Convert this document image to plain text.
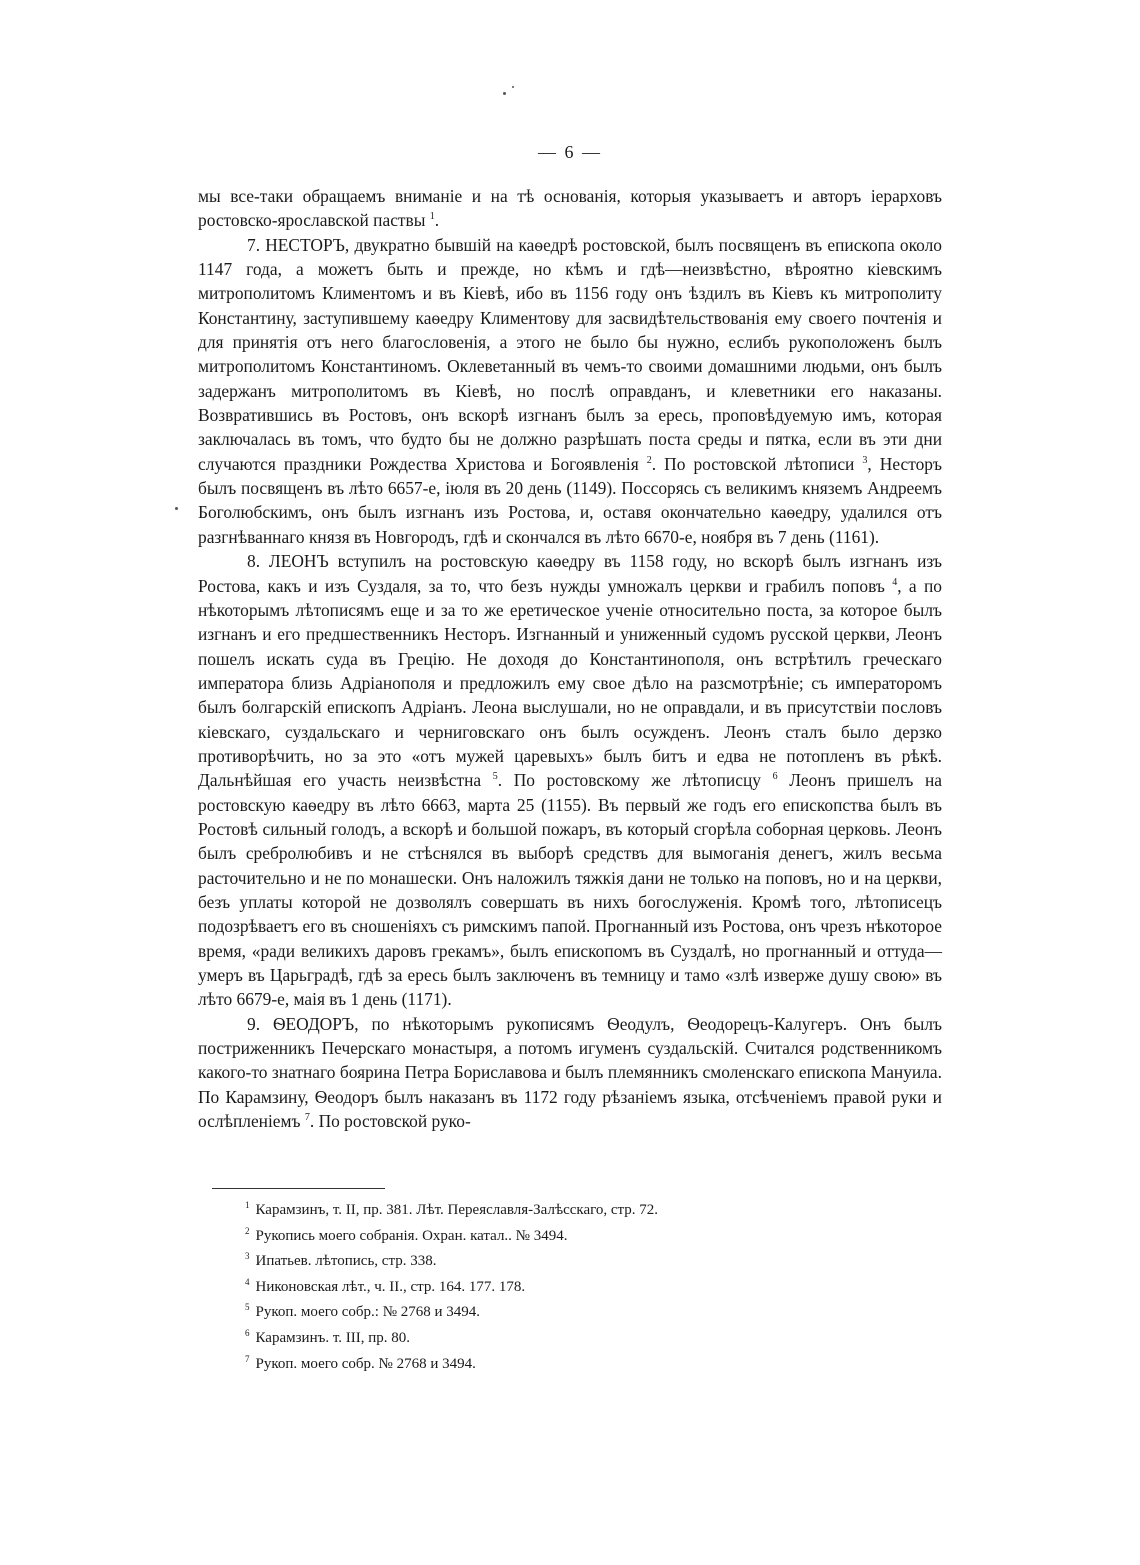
— 6 —

мы все-таки обращаемъ вниманіе и на тѣ основанія, которыя указываетъ и авторъ іерарховъ ростовско-ярославской паствы $^1$.

7. НЕСТОРЪ, двукратно бывшій на каѳедрѣ ростовской, былъ посвященъ въ епископа около 1147 года, а можетъ быть и прежде, но кѣмъ и гдѣ—неизвѣстно, вѣроятно кіевскимъ митрополитомъ Климентомъ и въ Кіевѣ, ибо въ 1156 году онъ ѣздилъ въ Кіевъ къ митрополиту Константину, заступившему каѳедру Климентову для засвидѣтельствованія ему своего почтенія и для принятія отъ него благословенія, а этого не было бы нужно, еслибъ рукоположенъ былъ митрополитомъ Константиномъ. Оклеветанный въ чемъ-то своими домашними людьми, онъ былъ задержанъ митрополитомъ въ Кіевѣ, но послѣ оправданъ, и клеветники его наказаны. Возвратившись въ Ростовъ, онъ вскорѣ изгнанъ былъ за ересь, проповѣдуемую имъ, которая заключалась въ томъ, что будто бы не должно разрѣшать поста среды и пятка, если въ эти дни случаются праздники Рождества Христова и Богоявленія $^2$. По ростовской лѣтописи $^3$, Несторъ былъ посвященъ въ лѣто 6657-е, іюля въ 20 день (1149). Поссорясь съ великимъ княземъ Андреемъ Боголюбскимъ, онъ былъ изгнанъ изъ Ростова, и, оставя окончательно каѳедру, удалился отъ разгнѣваннаго князя въ Новгородъ, гдѣ и скончался въ лѣто 6670-е, ноября въ 7 день (1161).

8. ЛЕОНЪ вступилъ на ростовскую каѳедру въ 1158 году, но вскорѣ былъ изгнанъ изъ Ростова, какъ и изъ Суздаля, за то, что безъ нужды умножалъ церкви и грабилъ поповъ $^4$, а по нѣкоторымъ лѣтописямъ еще и за то же еретическое ученіе относительно поста, за которое былъ изгнанъ и его предшественникъ Несторъ. Изгнанный и униженный судомъ русской церкви, Леонъ пошелъ искать суда въ Грецію. Не доходя до Константинополя, онъ встрѣтилъ греческаго императора близь Адріанополя и предложилъ ему свое дѣло на разсмотрѣніе; съ императоромъ былъ болгарскій епископъ Адріанъ. Леона выслушали, но не оправдали, и въ присутствіи пословъ кіевскаго, суздальскаго и черниговскаго онъ былъ осужденъ. Леонъ сталъ было дерзко противорѣчить, но за это «отъ мужей царевыхъ» былъ битъ и едва не потопленъ въ рѣкѣ. Дальнѣйшая его участь неизвѣстна $^5$. По ростовскому же лѣтописцу $^6$ Леонъ пришелъ на ростовскую каѳедру въ лѣто 6663, марта 25 (1155). Въ первый же годъ его епископства былъ въ Ростовѣ сильный голодъ, а вскорѣ и большой пожаръ, въ который сгорѣла соборная церковь. Леонъ былъ сребролюбивъ и не стѣснялся въ выборѣ средствъ для вымоганія денегъ, жилъ весьма расточительно и не по монашески. Онъ наложилъ тяжкія дани не только на поповъ, но и на церкви, безъ уплаты которой не дозволялъ совершать въ нихъ богослуженія. Кромѣ того, лѣтописецъ подозрѣваетъ его въ сношеніяхъ съ римскимъ папой. Прогнанный изъ Ростова, онъ чрезъ нѣкоторое время, «ради великихъ даровъ грекамъ», былъ епископомъ въ Суздалѣ, но прогнанный и оттуда—умеръ въ Царьградѣ, гдѣ за ересь былъ заключенъ въ темницу и тамо «злѣ изверже душу свою» въ лѣто 6679-е, маія въ 1 день (1171).

9. ѲЕОДОРЪ, по нѣкоторымъ рукописямъ Ѳеодулъ, Ѳеодорецъ-Калугеръ. Онъ былъ постриженникъ Печерскаго монастыря, а потомъ игуменъ суздальскій. Считался родственникомъ какого-то знатнаго боярина Петра Бориславова и былъ племянникъ смоленскаго епископа Мануила. По Карамзину, Ѳеодоръ былъ наказанъ въ 1172 году рѣзаніемъ языка, отсѣченіемъ правой руки и ослѣпленіемъ $^7$. По ростовской руко-

$^1$ Карамзинъ, т. II, пр. 381. Лѣт. Переяславля-Залѣсскаго, стр. 72.
$^2$ Рукопись моего собранія. Охран. катал.. № 3494.
$^3$ Ипатьев. лѣтопись, стр. 338.
$^4$ Никоновская лѣт., ч. II., стр. 164. 177. 178.
$^5$ Рукоп. моего собр.: № 2768 и 3494.
$^6$ Карамзинъ. т. III, пр. 80.
$^7$ Рукоп. моего собр. № 2768 и 3494.
